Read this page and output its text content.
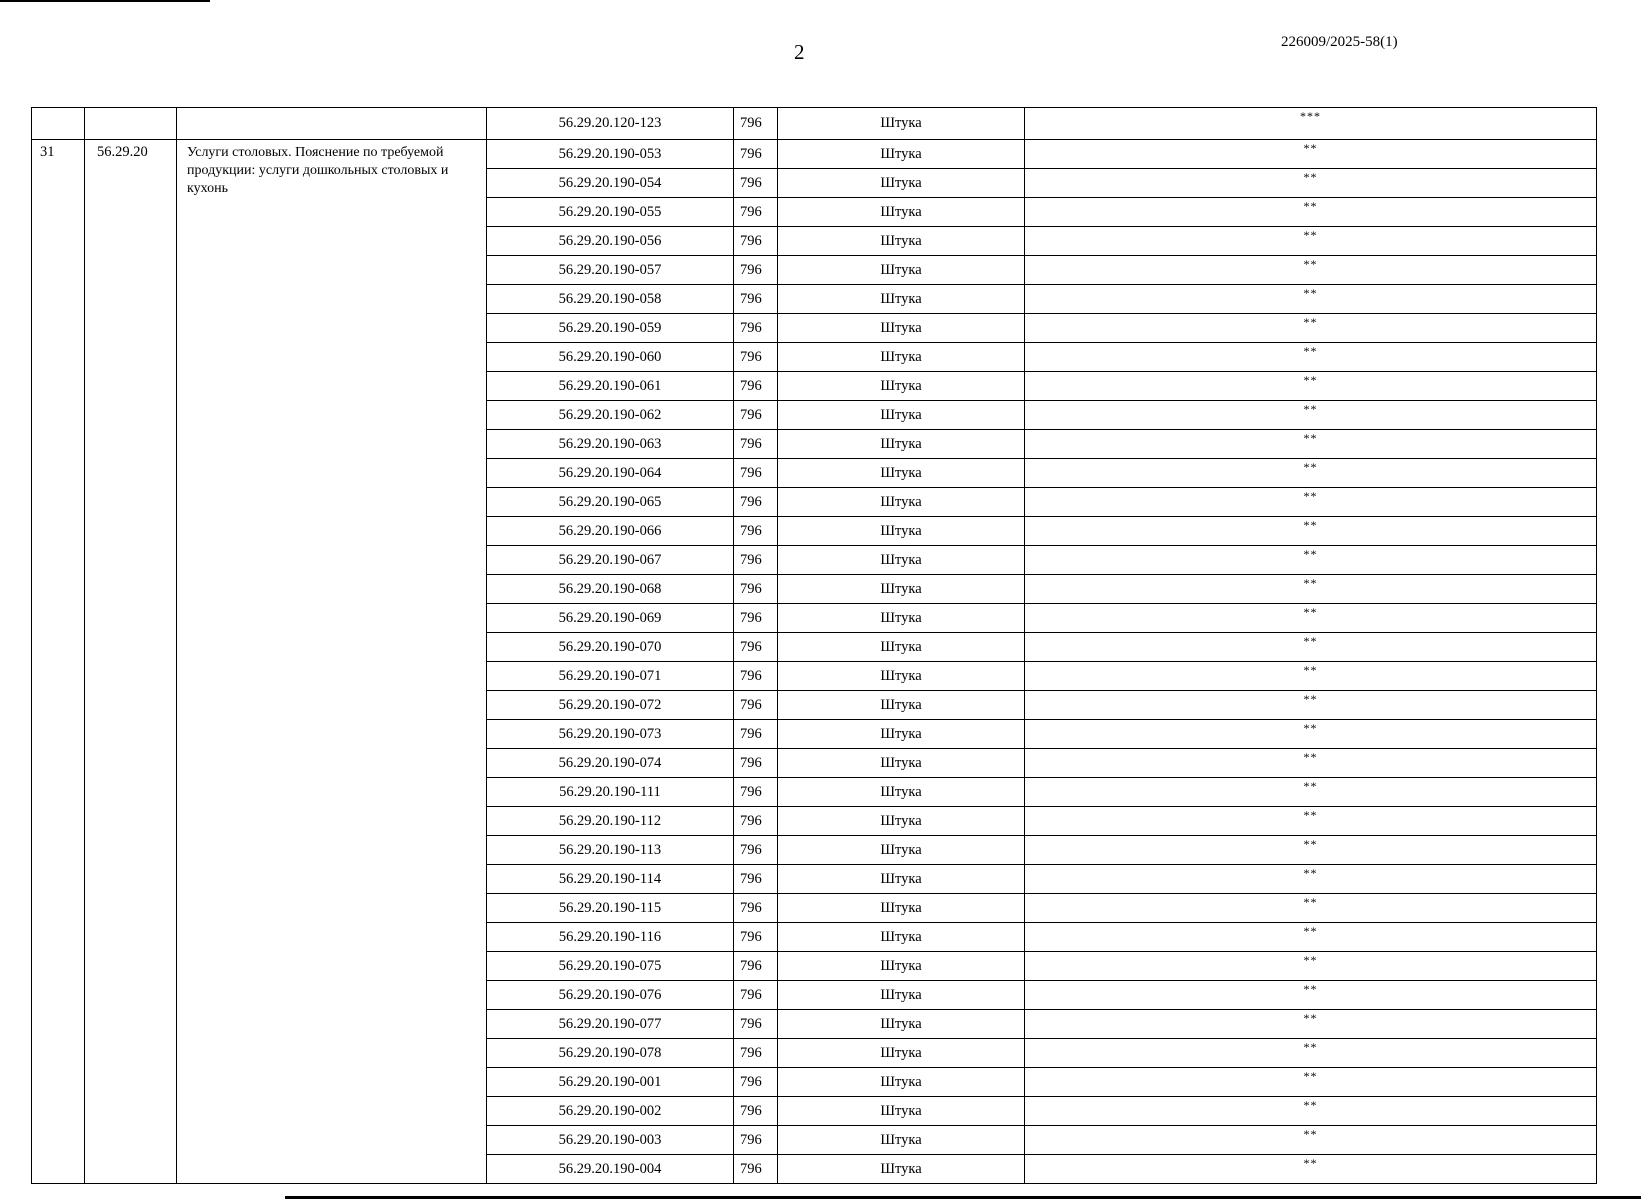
2	226009/2025-58(1)
			56.29.20.120-123	796	Штука	***
31	56.29.20	Услуги столовых. Пояснение по требуемой продукции: услуги дошкольных столовых и кухонь	56.29.20.190-053	796	Штука	**
			56.29.20.190-054	796	Штука	**
			56.29.20.190-055	796	Штука	**
			56.29.20.190-056	796	Штука	**
			56.29.20.190-057	796	Штука	**
			56.29.20.190-058	796	Штука	**
			56.29.20.190-059	796	Штука	**
			56.29.20.190-060	796	Штука	**
			56.29.20.190-061	796	Штука	**
			56.29.20.190-062	796	Штука	**
			56.29.20.190-063	796	Штука	**
			56.29.20.190-064	796	Штука	**
			56.29.20.190-065	796	Штука	**
			56.29.20.190-066	796	Штука	**
			56.29.20.190-067	796	Штука	**
			56.29.20.190-068	796	Штука	**
			56.29.20.190-069	796	Штука	**
			56.29.20.190-070	796	Штука	**
			56.29.20.190-071	796	Штука	**
			56.29.20.190-072	796	Штука	**
			56.29.20.190-073	796	Штука	**
			56.29.20.190-074	796	Штука	**
			56.29.20.190-111	796	Штука	**
			56.29.20.190-112	796	Штука	**
			56.29.20.190-113	796	Штука	**
			56.29.20.190-114	796	Штука	**
			56.29.20.190-115	796	Штука	**
			56.29.20.190-116	796	Штука	**
			56.29.20.190-075	796	Штука	**
			56.29.20.190-076	796	Штука	**
			56.29.20.190-077	796	Штука	**
			56.29.20.190-078	796	Штука	**
			56.29.20.190-001	796	Штука	**
			56.29.20.190-002	796	Штука	**
			56.29.20.190-003	796	Штука	**
			56.29.20.190-004	796	Штука	**
